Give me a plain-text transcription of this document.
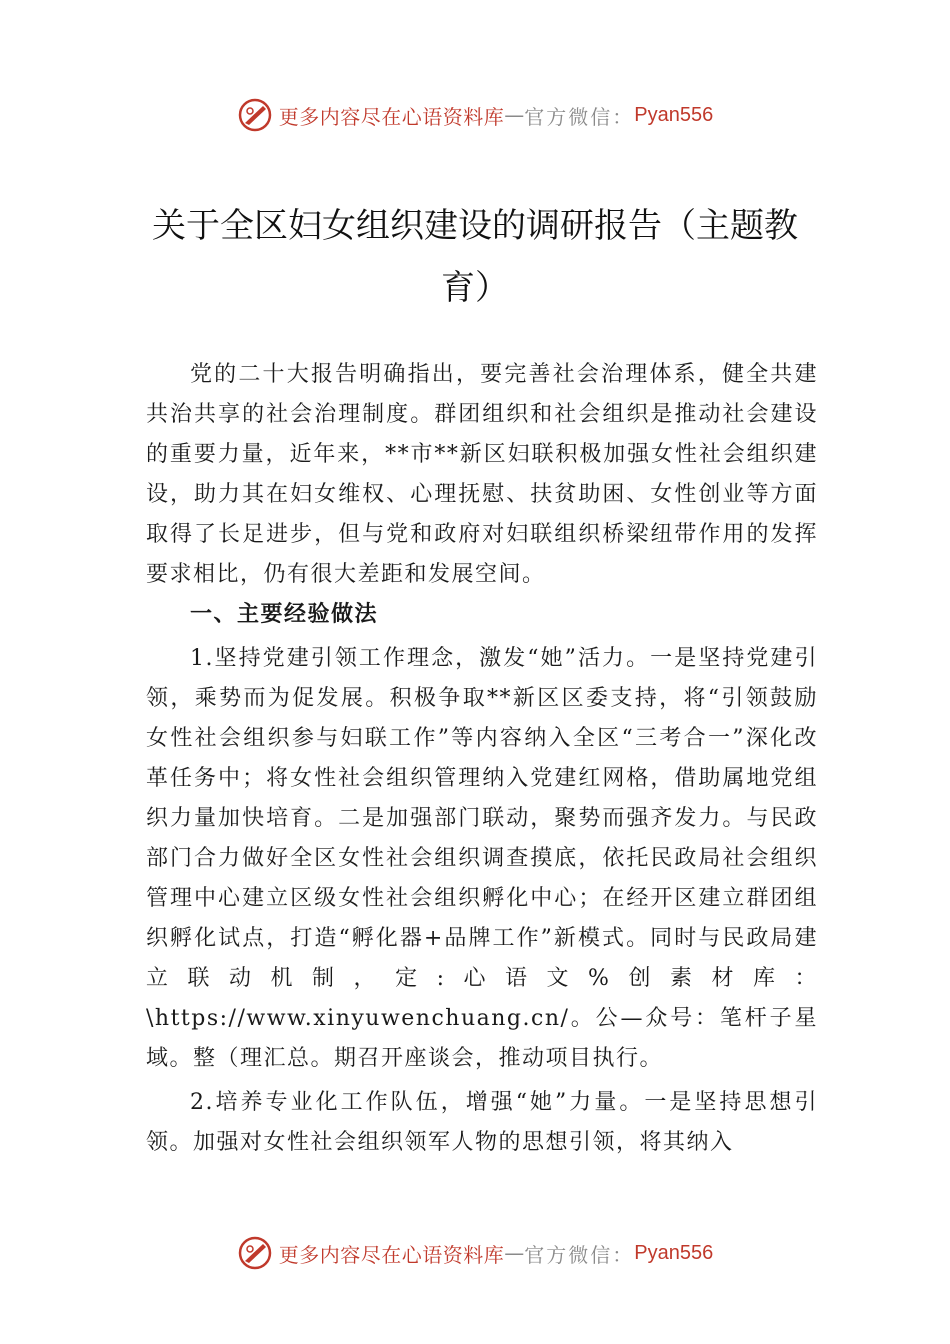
更多内容尽在心语资料库 — 官方微信： Pyan556
关于全区妇女组织建设的调研报告（主题教育）

党的二十大报告明确指出，要完善社会治理体系，健全共建共治共享的社会治理制度。群团组织和社会组织是推动社会建设的重要力量，近年来，**市**新区妇联积极加强女性社会组织建设，助力其在妇女维权、心理抚慰、扶贫助困、女性创业等方面取得了长足进步，但与党和政府对妇联组织桥梁纽带作用的发挥要求相比，仍有很大差距和发展空间。

一、主要经验做法

1.坚持党建引领工作理念，激发“她”活力。一是坚持党建引领，乘势而为促发展。积极争取**新区区委支持，将“引领鼓励女性社会组织参与妇联工作”等内容纳入全区“三考合一”深化改革任务中；将女性社会组织管理纳入党建红网格，借助属地党组织力量加快培育。二是加强部门联动，聚势而强齐发力。与民政部门合力做好全区女性社会组织调查摸底，依托民政局社会组织管理中心建立区级女性社会组织孵化中心；在经开区建立群团组织孵化试点，打造“孵化器+品牌工作”新模式。同时与民政局建立联动机制，定:心语文%创素材库：\https://www.xinyuwenchuang.cn/。公—众号：笔杆子星域。整（理汇总。期召开座谈会，推动项目执行。

2.培养专业化工作队伍，增强“她”力量。一是坚持思想引领。加强对女性社会组织领军人物的思想引领，将其纳入

更多内容尽在心语资料库 — 官方微信： Pyan556
